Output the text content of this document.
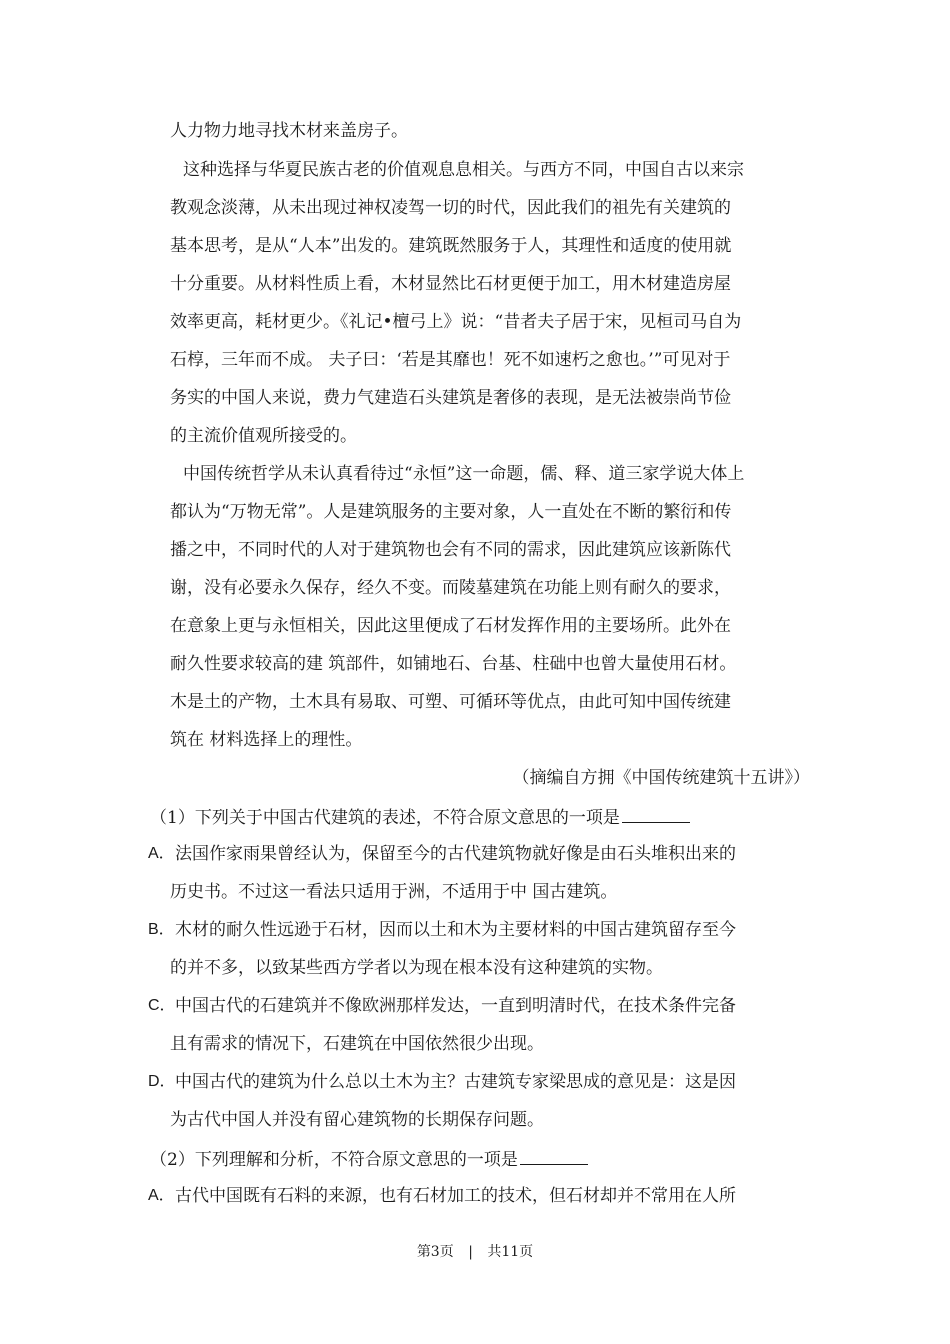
人力物力地寻找木材来盖房子。
这种选择与华夏民族古老的价值观息息相关。与西方不同，中国自古以来宗
教观念淡薄，从未出现过神权凌驾一切的时代，因此我们的祖先有关建筑的
基本思考，是从“人本”出发的。建筑既然服务于人，其理性和适度的使用就
十分重要。从材料性质上看，木材显然比石材更便于加工，用木材建造房屋
效率更高，耗材更少。《礼记•檀弓上》说：“昔者夫子居于宋，见桓司马自为
石椁，三年而不成。 夫子曰：‘若是其靡也！死不如速朽之愈也。’”可见对于
务实的中国人来说，费力气建造石头建筑是奢侈的表现，是无法被崇尚节俭
的主流价值观所接受的。
中国传统哲学从未认真看待过“永恒”这一命题，儒、释、道三家学说大体上
都认为“万物无常”。人是建筑服务的主要对象，人一直处在不断的繁衍和传
播之中，不同时代的人对于建筑物也会有不同的需求，因此建筑应该新陈代
谢，没有必要永久保存，经久不变。而陵墓建筑在功能上则有耐久的要求，
在意象上更与永恒相关，因此这里便成了石材发挥作用的主要场所。此外在
耐久性要求较高的建 筑部件，如铺地石、台基、柱础中也曾大量使用石材。
木是土的产物，土木具有易取、可塑、可循环等优点，由此可知中国传统建
筑在 材料选择上的理性。
（摘编自方拥《中国传统建筑十五讲》）
（1）下列关于中国古代建筑的表述，不符合原文意思的一项是
A． 法国作家雨果曾经认为，保留至今的古代建筑物就好像是由石头堆积出来的
历史书。不过这一看法只适用于洲，不适用于中 国古建筑。
B． 木材的耐久性远逊于石材，因而以土和木为主要材料的中国古建筑留存至今
的并不多，以致某些西方学者以为现在根本没有这种建筑的实物。
C． 中国古代的石建筑并不像欧洲那样发达，一直到明清时代，在技术条件完备
且有需求的情况下，石建筑在中国依然很少出现。
D． 中国古代的建筑为什么总以土木为主？古建筑专家梁思成的意见是：这是因
为古代中国人并没有留心建筑物的长期保存问题。
（2）下列理解和分析，不符合原文意思的一项是
A． 古代中国既有石料的来源，也有石材加工的技术，但石材却并不常用在人所
第3页 | 共11页
